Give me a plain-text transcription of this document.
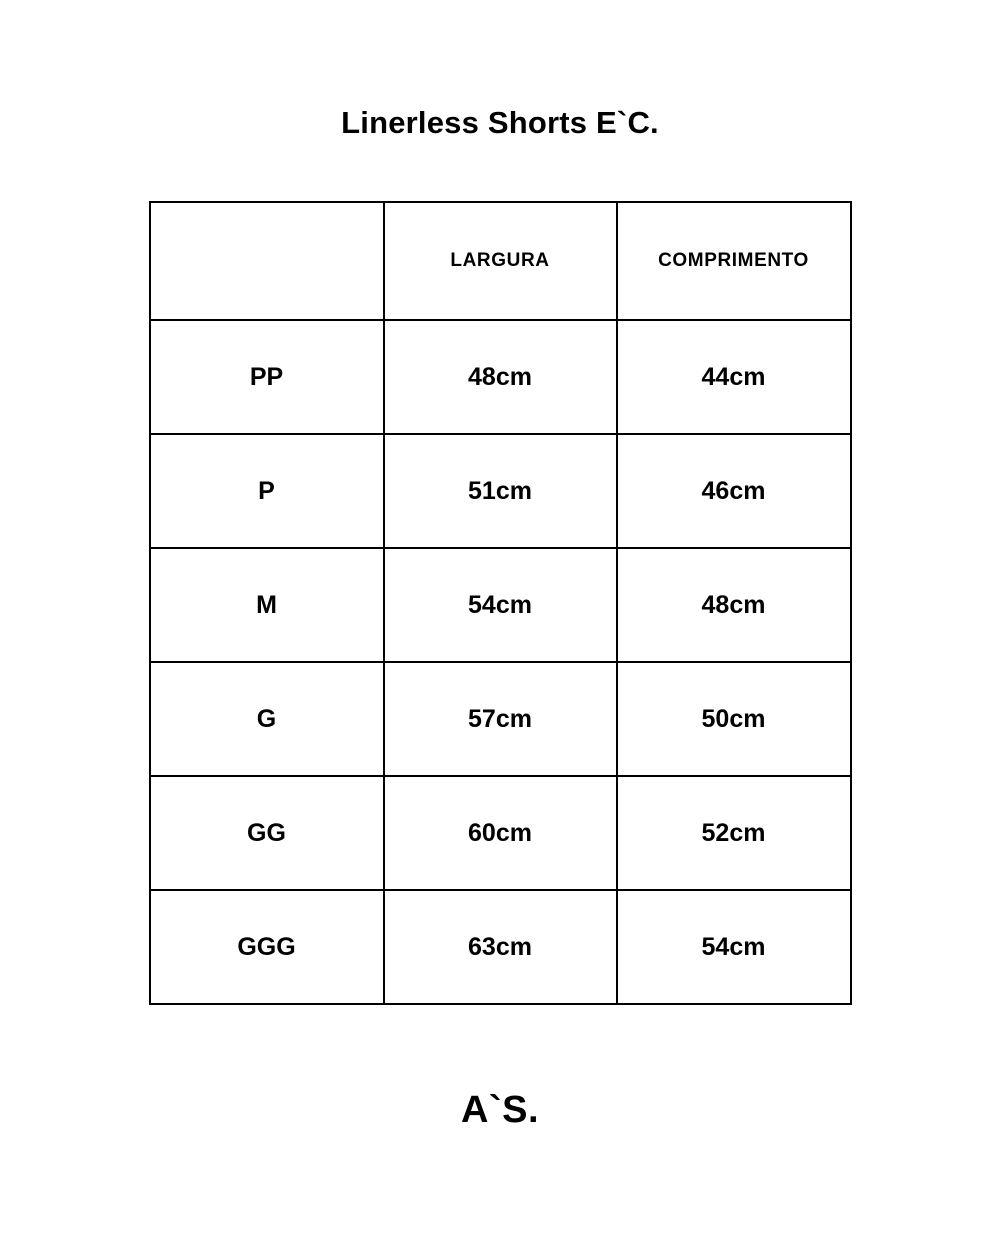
Linerless Shorts E`C.
	LARGURA	COMPRIMENTO
PP	48cm	44cm
P	51cm	46cm
M	54cm	48cm
G	57cm	50cm
GG	60cm	52cm
GGG	63cm	54cm
A`S.
